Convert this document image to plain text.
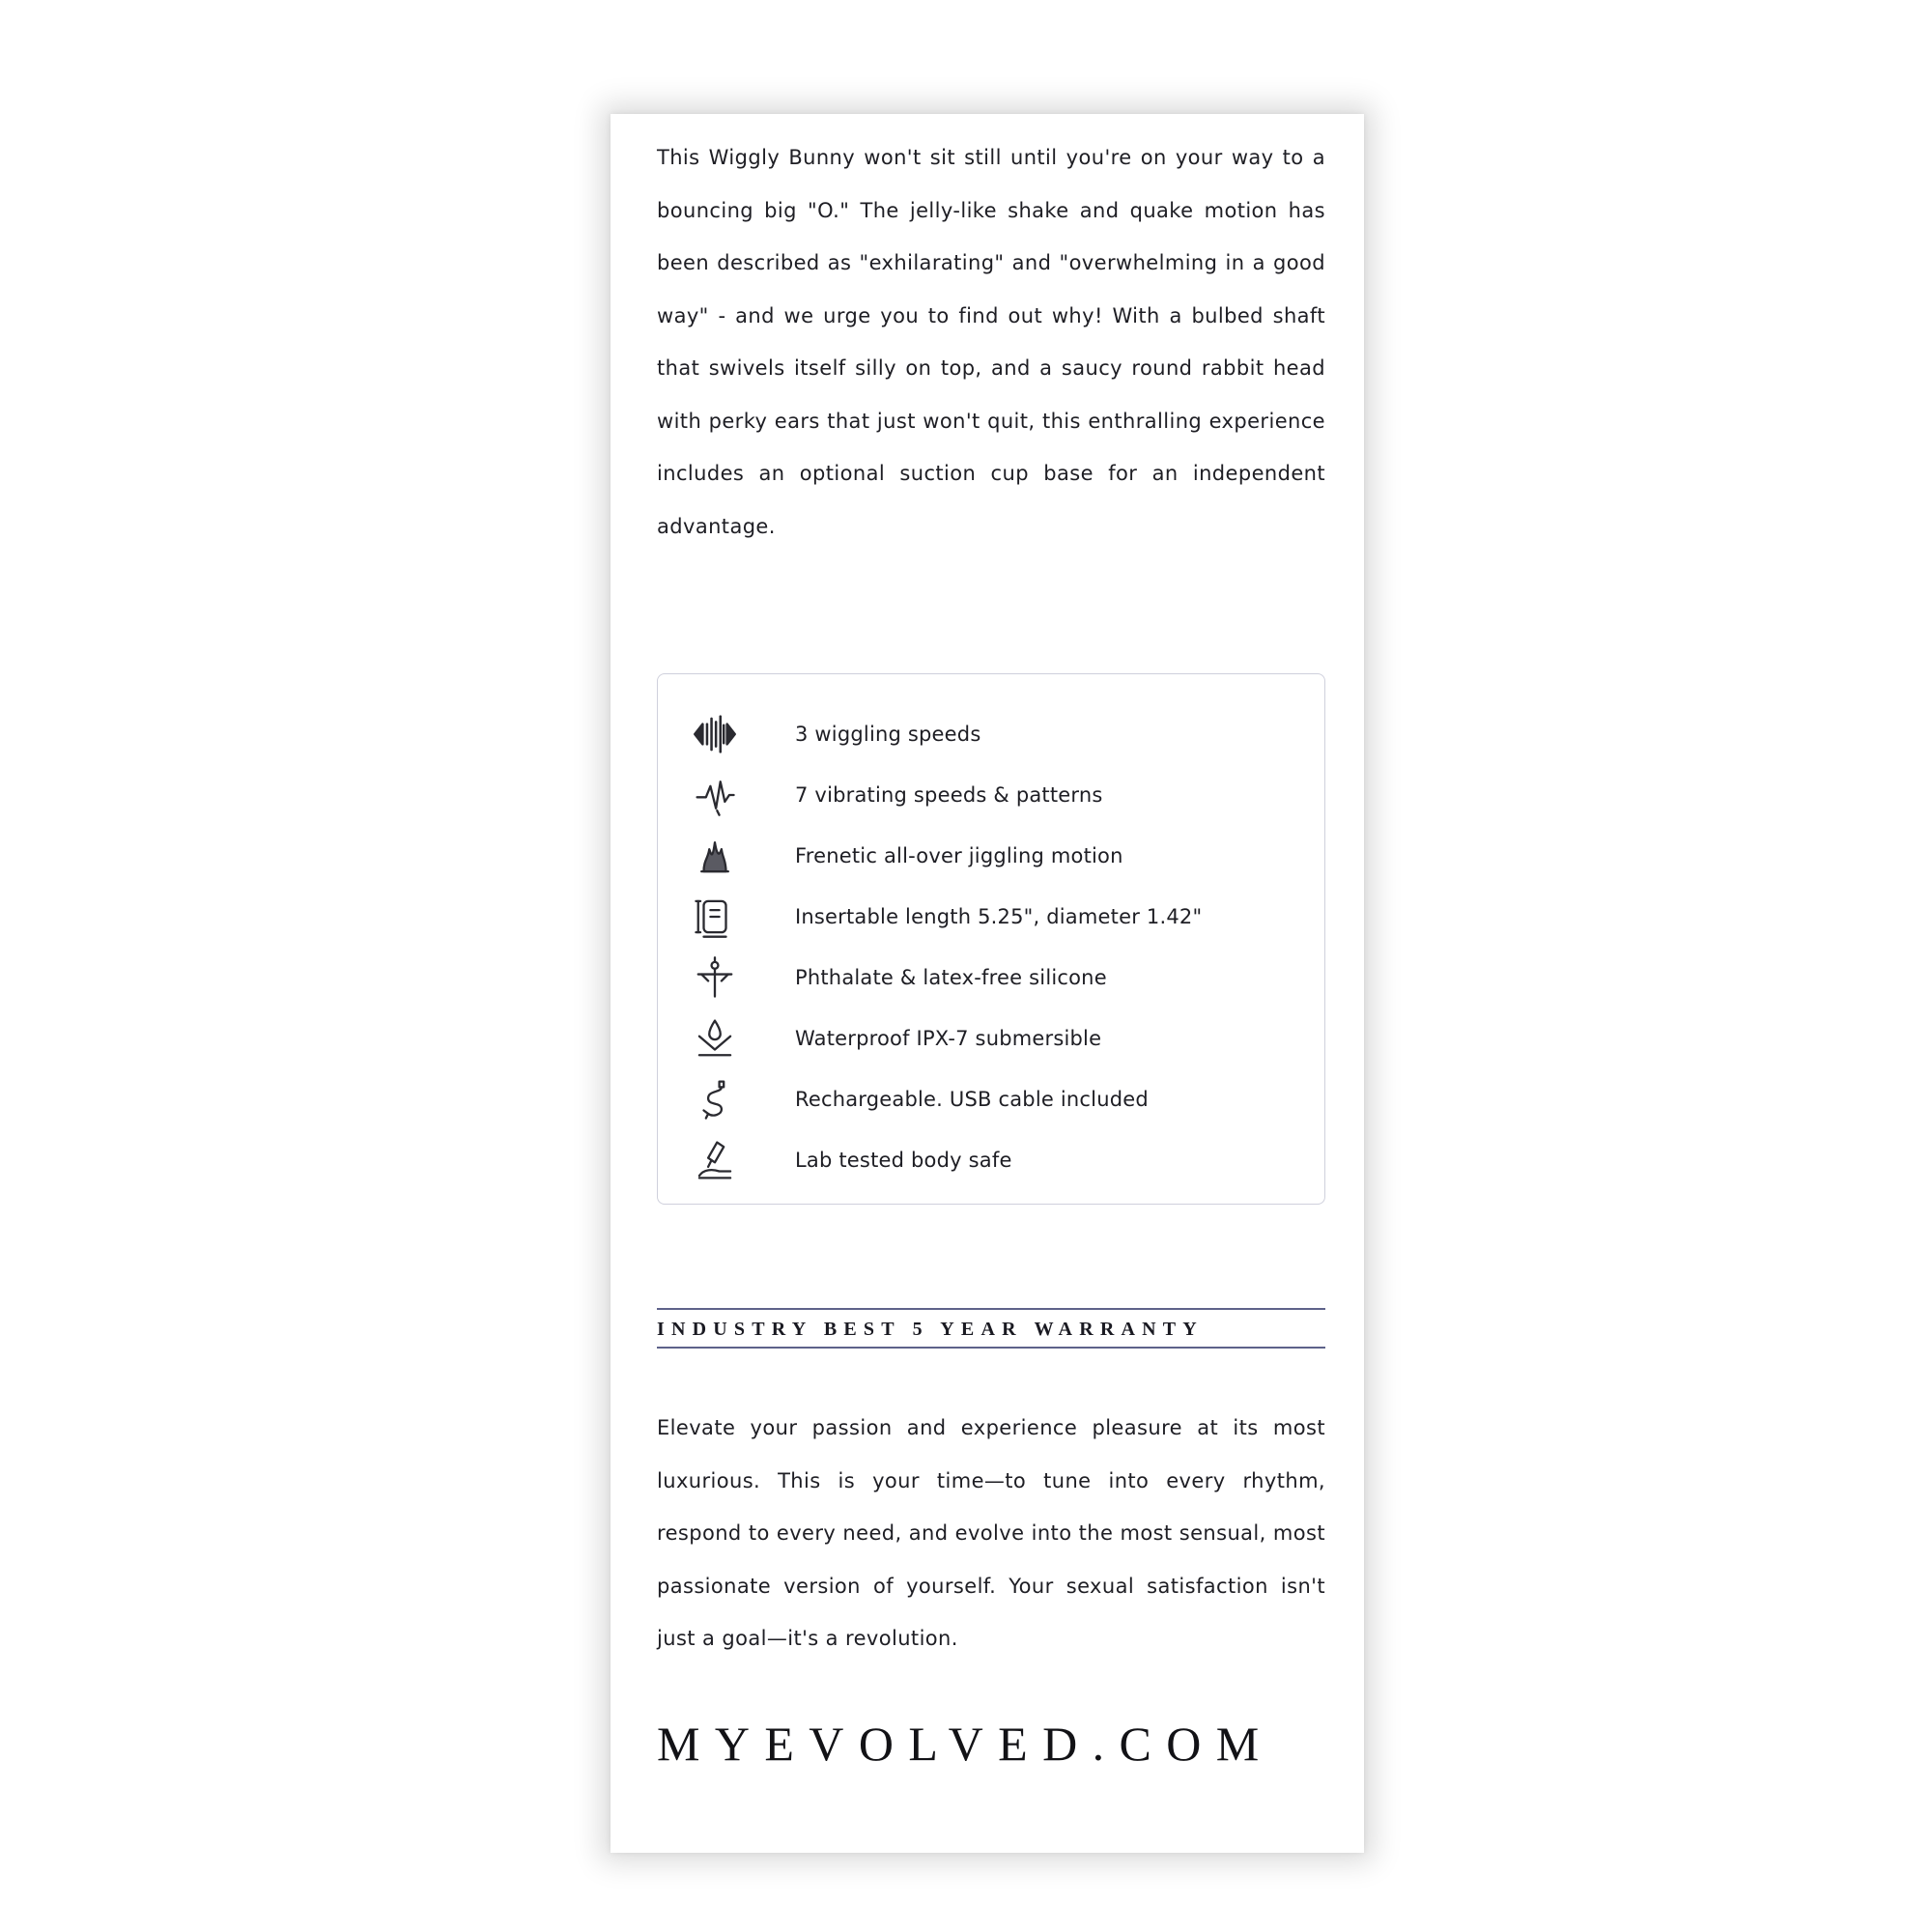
This Wiggly Bunny won't sit still until you're on your way to a bouncing big "O." The jelly-like shake and quake motion has been described as "exhilarating" and "overwhelming in a good way" - and we urge you to find out why! With a bulbed shaft that swivels itself silly on top, and a saucy round rabbit head with perky ears that just won't quit, this enthralling experience includes an optional suction cup base for an independent advantage.

3 wiggling speeds
7 vibrating speeds & patterns
Frenetic all-over jiggling motion
Insertable length 5.25", diameter 1.42"
Phthalate & latex-free silicone
Waterproof IPX-7 submersible
Rechargeable. USB cable included
Lab tested body safe
INDUSTRY BEST 5 YEAR WARRANTY

Elevate your passion and experience pleasure at its most luxurious. This is your time—to tune into every rhythm, respond to every need, and evolve into the most sensual, most passionate version of yourself. Your sexual satisfaction isn't just a goal—it's a revolution.

MYEVOLVED.COM
